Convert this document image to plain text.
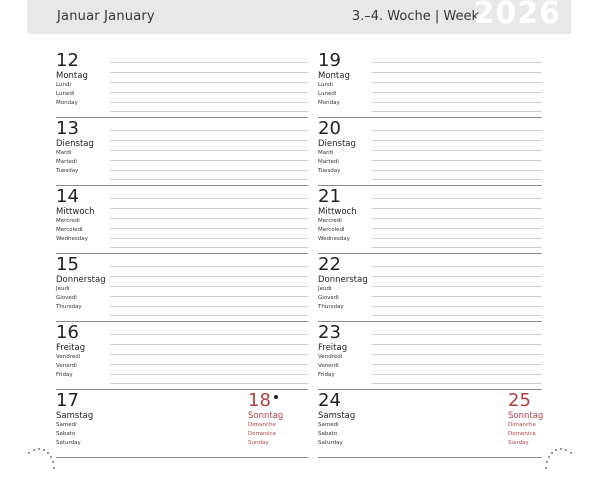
Januar January	3.–4. Woche | Week
2026
12
Montag
Lundi
Lunedì
Monday
13
Dienstag
Mardi
Martedì
Tuesday
14
Mittwoch
Mercredi
Mercoledì
Wednesday
15
Donnerstag
Jeudi
Giovedì
Thursday
16
Freitag
Vendredi
Venerdì
Friday
17
Samstag
Samedi
Sabato
Saturday
18
Sonntag
Dimanche
Domenica
Sunday
19
Montag
Lundi
Lunedì
Monday
20
Dienstag
Mardi
Martedì
Tuesday
21
Mittwoch
Mercredi
Mercoledì
Wednesday
22
Donnerstag
Jeudi
Giovedì
Thursday
23
Freitag
Vendredi
Venerdì
Friday
24
Samstag
Samedi
Sabato
Saturday
25
Sonntag
Dimanche
Domenica
Sunday
